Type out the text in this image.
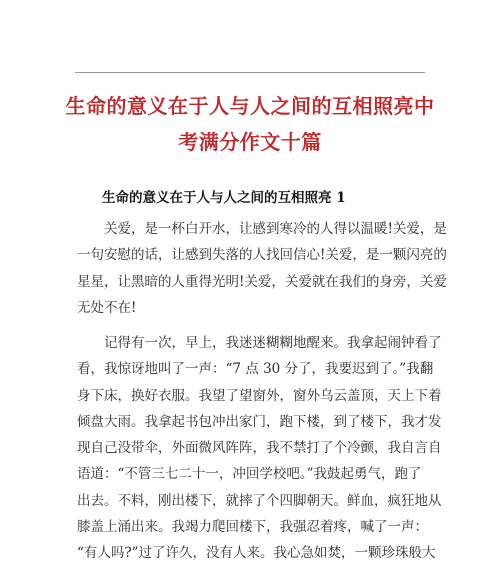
生命的意义在于人与人之间的互相照亮中
考满分作文十篇
生命的意义在于人与人之间的互相照亮 1
关爱，是一杯白开水，让感到寒冷的人得以温暖!关爱，是
一句安慰的话，让感到失落的人找回信心!关爱，是一颗闪亮的
星星，让黑暗的人重得光明!关爱，关爱就在我们的身旁，关爱
无处不在!
记得有一次，早上，我迷迷糊糊地醒来。我拿起闹钟看了
看，我惊讶地叫了一声：“7 点 30 分了，我要迟到了。”我翻
身下床，换好衣服。我望了望窗外，窗外乌云盖顶，天上下着
倾盘大雨。我拿起书包冲出家门，跑下楼，到了楼下，我才发
现自己没带伞，外面微风阵阵，我不禁打了个冷颤，我自言自
语道：“不管三七二十一，冲回学校吧。”我鼓起勇气，跑了
出去。不料，刚出楼下，就摔了个四脚朝天。鲜血，疯狂地从
膝盖上涌出来。我竭力爬回楼下，我强忍着疼，喊了一声：
“有人吗?”过了许久，没有人来。我心急如焚，一颗珍珠般大
